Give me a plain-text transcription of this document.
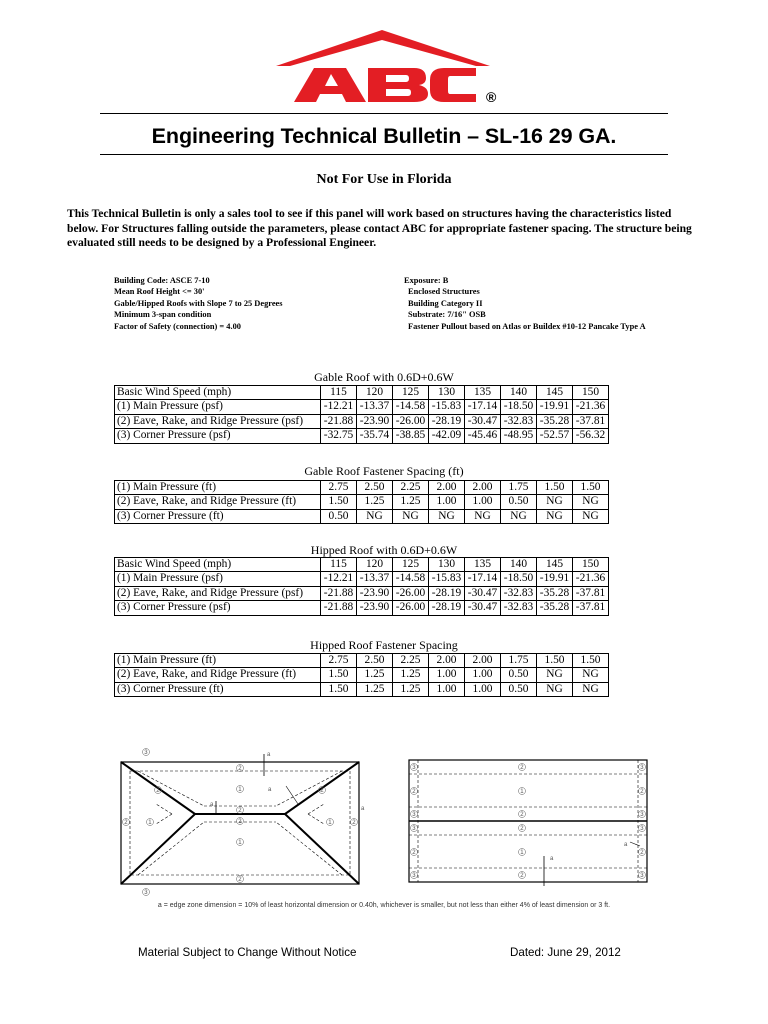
®
Engineering Technical Bulletin – SL-16 29 GA.
Not For Use in Florida
This Technical Bulletin is only a sales tool to see if this panel will work based on structures having the characteristics listed below. For Structures falling outside the parameters, please contact ABC for appropriate fastener spacing. The structure being evaluated still needs to be designed by a Professional Engineer.
Building Code: ASCE 7-10
Mean Roof Height <= 30'
Gable/Hipped Roofs with Slope 7 to 25 Degrees
Minimum 3-span condition
Factor of Safety (connection) = 4.00
Exposure: B
Enclosed Structures
Building Category II
Substrate: 7/16" OSB
Fastener Pullout based on Atlas or Buildex #10-12 Pancake Type A
Gable Roof with 0.6D+0.6W
Gable Roof Fastener Spacing (ft)
Hipped Roof with 0.6D+0.6W
Hipped Roof Fastener Spacing
Basic Wind Speed (mph)	115	120	125	130	135	140	145	150
(1) Main Pressure (psf)	-12.21	-13.37	-14.58	-15.83	-17.14	-18.50	-19.91	-21.36
(2) Eave, Rake, and Ridge Pressure (psf)	-21.88	-23.90	-26.00	-28.19	-30.47	-32.83	-35.28	-37.81
(3) Corner Pressure (psf)	-32.75	-35.74	-38.85	-42.09	-45.46	-48.95	-52.57	-56.32
(1) Main Pressure (ft)	2.75	2.50	2.25	2.00	2.00	1.75	1.50	1.50
(2) Eave, Rake, and Ridge Pressure (ft)	1.50	1.25	1.25	1.00	1.00	0.50	NG	NG
(3) Corner Pressure (ft)	0.50	NG	NG	NG	NG	NG	NG	NG
Basic Wind Speed (mph)	115	120	125	130	135	140	145	150
(1) Main Pressure (psf)	-12.21	-13.37	-14.58	-15.83	-17.14	-18.50	-19.91	-21.36
(2) Eave, Rake, and Ridge Pressure (psf)	-21.88	-23.90	-26.00	-28.19	-30.47	-32.83	-35.28	-37.81
(3) Corner Pressure (psf)	-21.88	-23.90	-26.00	-28.19	-30.47	-32.83	-35.28	-37.81
(1) Main Pressure (ft)	2.75	2.50	2.25	2.00	2.00	1.75	1.50	1.50
(2) Eave, Rake, and Ridge Pressure (ft)	1.50	1.25	1.25	1.00	1.00	0.50	NG	NG
(3) Corner Pressure (ft)	1.50	1.25	1.25	1.00	1.00	0.50	NG	NG
3
2
1
2
2
1
2
2	1	2
1
2	2
3
a
a
a
a
2
1
2
2
1
2
3	3
2	2
3	3
3	3
2	2
3	3
a
a
a = edge zone dimension = 10% of least horizontal dimension or 0.40h, whichever is smaller, but not less than either 4% of least dimension or 3 ft.
Material Subject to Change Without Notice	Dated: June 29, 2012
